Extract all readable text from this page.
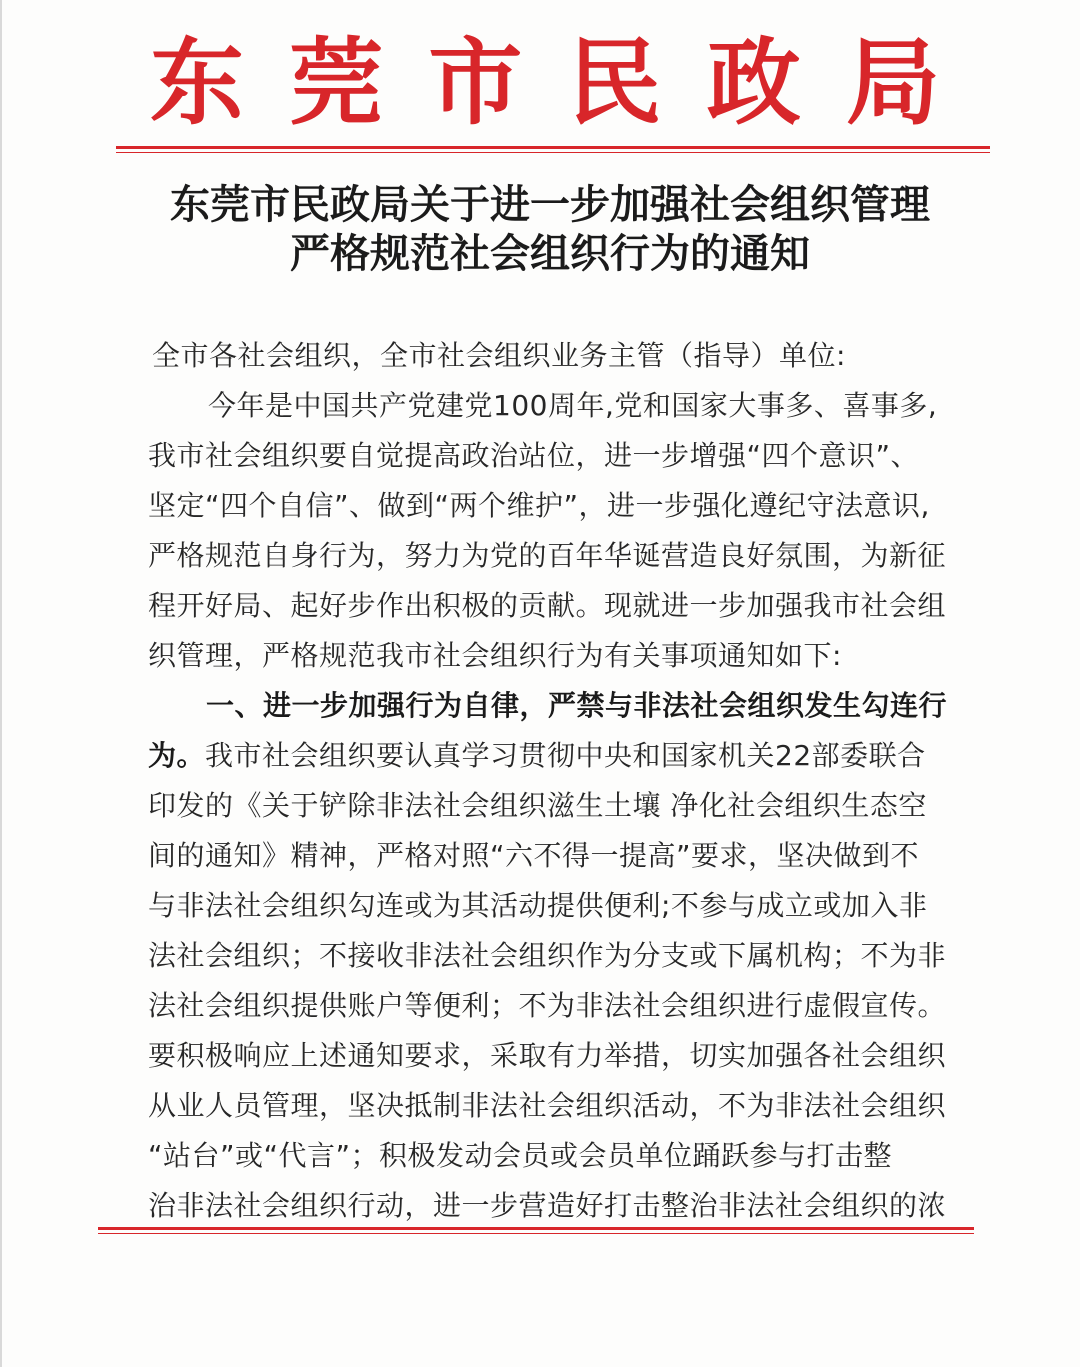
东 莞 市 民 政 局
东莞市民政局关于进一步加强社会组织管理
严格规范社会组织行为的通知
全市各社会组织，全市社会组织业务主管（指导）单位:
今年是中国共产党建党100周年,党和国家大事多、喜事多,
我市社会组织要自觉提高政治站位，进一步增强“四个意识”、
坚定“四个自信”、做到“两个维护”，进一步强化遵纪守法意识,
严格规范自身行为，努力为党的百年华诞营造良好氛围，为新征
程开好局、起好步作出积极的贡献。现就进一步加强我市社会组
织管理，严格规范我市社会组织行为有关事项通知如下:
一、进一步加强行为自律，严禁与非法社会组织发生勾连行
为。我市社会组织要认真学习贯彻中央和国家机关22部委联合
印发的《关于铲除非法社会组织滋生土壤 净化社会组织生态空
间的通知》精神，严格对照“六不得一提高”要求，坚决做到不
与非法社会组织勾连或为其活动提供便利;不参与成立或加入非
法社会组织；不接收非法社会组织作为分支或下属机构；不为非
法社会组织提供账户等便利；不为非法社会组织进行虚假宣传。
要积极响应上述通知要求，采取有力举措，切实加强各社会组织
从业人员管理，坚决抵制非法社会组织活动，不为非法社会组织
“站台”或“代言”；积极发动会员或会员单位踊跃参与打击整
治非法社会组织行动，进一步营造好打击整治非法社会组织的浓
